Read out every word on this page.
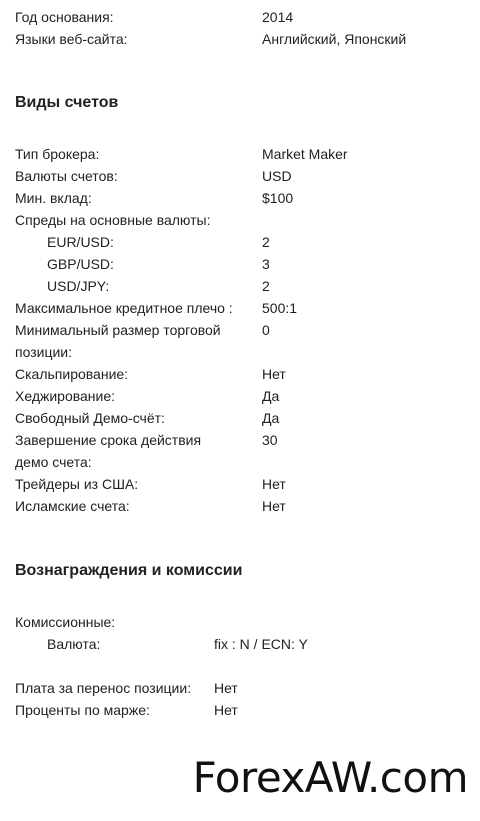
Год основания:	2014
Языки веб-сайта:	Английский, Японский
Виды счетов
Тип брокера:	Market Maker
Валюты счетов:	USD
Мин. вклад:	$100
Спреды на основные валюты:
EUR/USD:	2
GBP/USD:	3
USD/JPY:	2
Максимальное кредитное плечо : 500:1
Минимальный размер торговой	0
позиции:
Скальпирование:	Нет
Хеджирование:	Да
Свободный Демо-счёт:	Да
Завершение срока действия	30
демо счета:
Трейдеры из США:	Нет
Исламские счета:	Нет
Вознаграждения и комиссии
Комиссионные:
Валюта:	fix : N / ECN: Y
Плата за перенос позиции: Нет
Проценты по марже:	Нет
ForexAW.com
